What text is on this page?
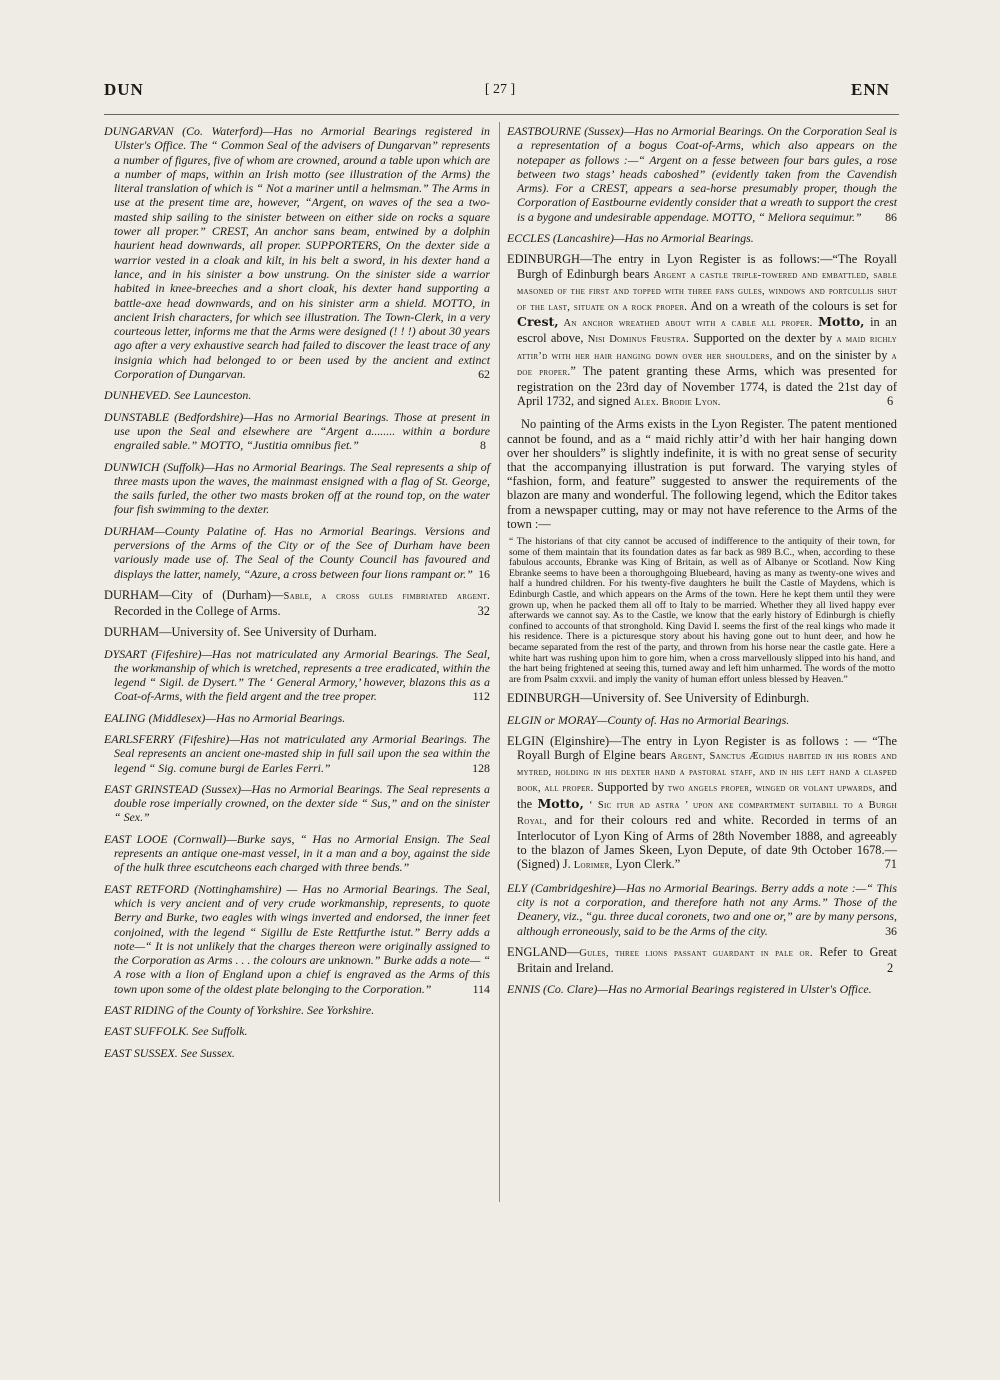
DUN	[ 27 ]	ENN
DUNGARVAN (Co. Waterford)—Has no Armorial Bearings registered in Ulster's Office. The “ Common Seal of the advisers of Dungarvan” represents a number of figures, five of whom are crowned, around a table upon which are a number of maps, within an Irish motto (see illustration of the Arms) the literal translation of which is “ Not a mariner until a helmsman.” The Arms in use at the present time are, however, “Argent, on waves of the sea a two-masted ship sailing to the sinister between on either side on rocks a square tower all proper.” CREST, An anchor sans beam, entwined by a dolphin haurient head downwards, all proper. SUPPORTERS, On the dexter side a warrior vested in a cloak and kilt, in his belt a sword, in his dexter hand a lance, and in his sinister a bow unstrung. On the sinister side a warrior habited in knee-breeches and a short cloak, his dexter hand supporting a battle-axe head downwards, and on his sinister arm a shield. MOTTO, in ancient Irish characters, for which see illustration. The Town-Clerk, in a very courteous letter, informs me that the Arms were designed (! ! !) about 30 years ago after a very exhaustive search had failed to discover the least trace of any insignia which had belonged to or been used by the ancient and extinct Corporation of Dungarvan.	62
DUNHEVED. See Launceston.
DUNSTABLE (Bedfordshire)—Has no Armorial Bearings. Those at present in use upon the Seal and elsewhere are “Argent a........ within a bordure engrailed sable.” MOTTO, “Justitia omnibus fiet.”	8
DUNWICH (Suffolk)—Has no Armorial Bearings. The Seal represents a ship of three masts upon the waves, the mainmast ensigned with a flag of St. George, the sails furled, the other two masts broken off at the round top, on the water four fish swimming to the dexter.
DURHAM—County Palatine of. Has no Armorial Bearings. Versions and perversions of the Arms of the City or of the See of Durham have been variously made use of. The Seal of the County Council has favoured and displays the latter, namely, “Azure, a cross between four lions rampant or.” 16
DURHAM—City of (Durham)—Sable, a cross gules fimbriated argent. Recorded in the College of Arms.	32
DURHAM—University of. See University of Durham.
DYSART (Fifeshire)—Has not matriculated any Armorial Bearings. The Seal, the workmanship of which is wretched, represents a tree eradicated, within the legend “ Sigil. de Dysert.” The ‘ General Armory,’ however, blazons this as a Coat-of-Arms, with the field argent and the tree proper.	112
EALING (Middlesex)—Has no Armorial Bearings.
EARLSFERRY (Fifeshire)—Has not matriculated any Armorial Bearings. The Seal represents an ancient one-masted ship in full sail upon the sea within the legend “ Sig. comune burgi de Earles Ferri.”	128
EAST GRINSTEAD (Sussex)—Has no Armorial Bearings. The Seal represents a double rose imperially crowned, on the dexter side “ Sus,” and on the sinister “ Sex.”
EAST LOOE (Cornwall)—Burke says, “ Has no Armorial Ensign. The Seal represents an antique one-mast vessel, in it a man and a boy, against the side of the hulk three escutcheons each charged with three bends.”
EAST RETFORD (Nottinghamshire) — Has no Armorial Bearings. The Seal, which is very ancient and of very crude workmanship, represents, to quote Berry and Burke, two eagles with wings inverted and endorsed, the inner feet conjoined, with the legend “ Sigillu de Este Rettfurthe istut.” Berry adds a note—“ It is not unlikely that the charges thereon were originally assigned to the Corporation as Arms . . . the colours are unknown.” Burke adds a note— “ A rose with a lion of England upon a chief is engraved as the Arms of this town upon some of the oldest plate belonging to the Corporation.”	114
EAST RIDING of the County of Yorkshire. See Yorkshire.
EAST SUFFOLK. See Suffolk.
EAST SUSSEX. See Sussex.
EASTBOURNE (Sussex)—Has no Armorial Bearings. On the Corporation Seal is a representation of a bogus Coat-of-Arms, which also appears on the notepaper as follows :—“ Argent on a fesse between four bars gules, a rose between two stags’ heads caboshed” (evidently taken from the Cavendish Arms). For a CREST, appears a sea-horse presumably proper, though the Corporation of Eastbourne evidently consider that a wreath to support the crest is a bygone and undesirable appendage. MOTTO, “ Meliora sequimur.” 86
ECCLES (Lancashire)—Has no Armorial Bearings.
EDINBURGH—The entry in Lyon Register is as follows:—“The Royall Burgh of Edinburgh bears Argent a castle triple-towered and embattled, sable masoned of the first and topped with three fans gules, windows and portcullis shut of the last, situate on a rock proper. And on a wreath of the colours is set for Crest, An anchor wreathed about with a cable all proper. Motto, in an escrol above, Nisi Dominus Frustra. Supported on the dexter by a maid richly attir’d with her hair hanging down over her shoulders, and on the sinister by a doe proper.” The patent granting these Arms, which was presented for registration on the 23rd day of November 1774, is dated the 21st day of April 1732, and signed Alex. Brodie Lyon.	6
No painting of the Arms exists in the Lyon Register. The patent mentioned cannot be found, and as a “ maid richly attir’d with her hair hanging down over her shoulders” is slightly indefinite, it is with no great sense of security that the accompanying illustration is put forward. The varying styles of “fashion, form, and feature” suggested to answer the requirements of the blazon are many and wonderful. The following legend, which the Editor takes from a newspaper cutting, may or may not have reference to the Arms of the town :—
“ The historians of that city cannot be accused of indifference to the antiquity of their town, for some of them maintain that its foundation dates as far back as 989 B.C., when, according to these fabulous accounts, Ebranke was King of Britain, as well as of Albanye or Scotland. Now King Ebranke seems to have been a thoroughgoing Bluebeard, having as many as twenty-one wives and half a hundred children. For his twenty-five daughters he built the Castle of Maydens, which is Edinburgh Castle, and which appears on the Arms of the town. Here he kept them until they were grown up, when he packed them all off to Italy to be married. Whether they all lived happy ever afterwards we cannot say. As to the Castle, we know that the early history of Edinburgh is chiefly confined to accounts of that stronghold. King David I. seems the first of the real kings who made it his residence. There is a picturesque story about his having gone out to hunt deer, and how he became separated from the rest of the party, and thrown from his horse near the castle gate. Here a white hart was rushing upon him to gore him, when a cross marvellously slipped into his hand, and the hart being frightened at seeing this, turned away and left him unharmed. The words of the motto are from Psalm cxxvii. and imply the vanity of human effort unless blessed by Heaven.”
EDINBURGH—University of. See University of Edinburgh.
ELGIN or MORAY—County of. Has no Armorial Bearings.
ELGIN (Elginshire)—The entry in Lyon Register is as follows : — “The Royall Burgh of Elgine bears Argent, Sanctus Ægidius habited in his robes and mytred, holding in his dexter hand a pastoral staff, and in his left hand a clasped book, all proper. Supported by two angels proper, winged or volant upwards, and the Motto, ‘ Sic itur ad astra ’ upon ane compartment suitabill to a Burgh Royal, and for their colours red and white. Recorded in terms of an Interlocutor of Lyon King of Arms of 28th November 1888, and agreeably to the blazon of James Skeen, Lyon Depute, of date 9th October 1678.—(Signed) J. Lorimer, Lyon Clerk.”	71
ELY (Cambridgeshire)—Has no Armorial Bearings. Berry adds a note :—“ This city is not a corporation, and therefore hath not any Arms.” Those of the Deanery, viz., “gu. three ducal coronets, two and one or,” are by many persons, although erroneously, said to be the Arms of the city.	36
ENGLAND—Gules, three lions passant guardant in pale or. Refer to Great Britain and Ireland.	2
ENNIS (Co. Clare)—Has no Armorial Bearings registered in Ulster's Office.
